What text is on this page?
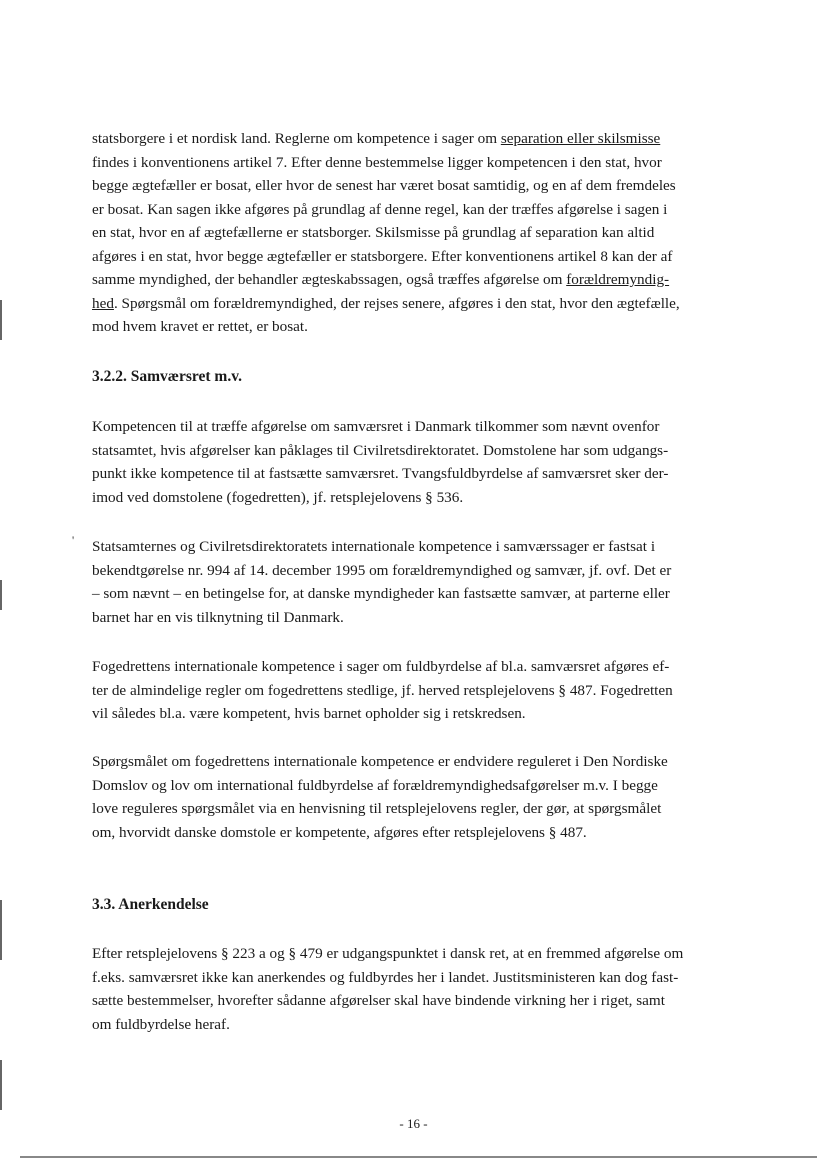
'
statsborgere i et nordisk land. Reglerne om kompetence i sager om separation eller skilsmisse
findes i konventionens artikel 7. Efter denne bestemmelse ligger kompetencen i den stat, hvor
begge ægtefæller er bosat, eller hvor de senest har været bosat samtidig, og en af dem fremdeles
er bosat. Kan sagen ikke afgøres på grundlag af denne regel, kan der træffes afgørelse i sagen i
en stat, hvor en af ægtefællerne er statsborger. Skilsmisse på grundlag af separation kan altid
afgøres i en stat, hvor begge ægtefæller er statsborgere. Efter konventionens artikel 8 kan der af
samme myndighed, der behandler ægteskabssagen, også træffes afgørelse om forældremyndig-
hed. Spørgsmål om forældremyndighed, der rejses senere, afgøres i den stat, hvor den ægtefælle,
mod hvem kravet er rettet, er bosat.
3.2.2. Samværsret m.v.
Kompetencen til at træffe afgørelse om samværsret i Danmark tilkommer som nævnt ovenfor
statsamtet, hvis afgørelser kan påklages til Civilretsdirektoratet. Domstolene har som udgangs-
punkt ikke kompetence til at fastsætte samværsret. Tvangsfuldbyrdelse af samværsret sker der-
imod ved domstolene (fogedretten), jf. retsplejelovens § 536.
Statsamternes og Civilretsdirektoratets internationale kompetence i samværssager er fastsat i
bekendtgørelse nr. 994 af 14. december 1995 om forældremyndighed og samvær, jf. ovf. Det er
– som nævnt – en betingelse for, at danske myndigheder kan fastsætte samvær, at parterne eller
barnet har en vis tilknytning til Danmark.
Fogedrettens internationale kompetence i sager om fuldbyrdelse af bl.a. samværsret afgøres ef-
ter de almindelige regler om fogedrettens stedlige, jf. herved retsplejelovens § 487. Fogedretten
vil således bl.a. være kompetent, hvis barnet opholder sig i retskredsen.
Spørgsmålet om fogedrettens internationale kompetence er endvidere reguleret i Den Nordiske
Domslov og lov om international fuldbyrdelse af forældremyndighedsafgørelser m.v. I begge
love reguleres spørgsmålet via en henvisning til retsplejelovens regler, der gør, at spørgsmålet
om, hvorvidt danske domstole er kompetente, afgøres efter retsplejelovens § 487.
3.3. Anerkendelse
Efter retsplejelovens § 223 a og § 479 er udgangspunktet i dansk ret, at en fremmed afgørelse om
f.eks. samværsret ikke kan anerkendes og fuldbyrdes her i landet. Justitsministeren kan dog fast-
sætte bestemmelser, hvorefter sådanne afgørelser skal have bindende virkning her i riget, samt
om fuldbyrdelse heraf.
- 16 -
